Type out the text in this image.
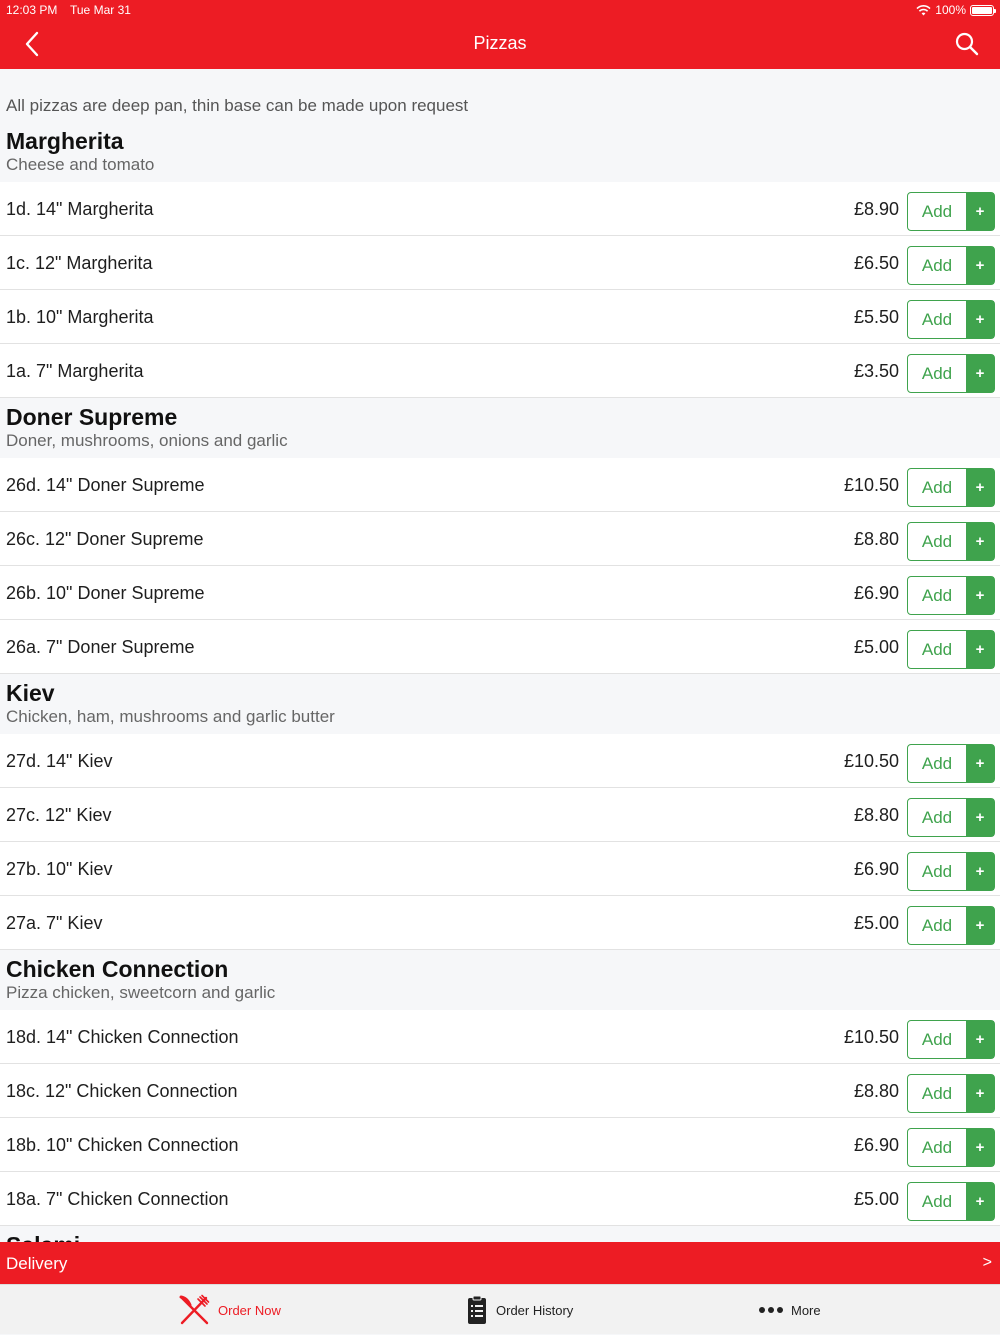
12:03 PM Tue Mar 31	100%
Pizzas
All pizzas are deep pan, thin base can be made upon request
Margherita
Cheese and tomato
1d. 14" Margherita	£8.90	Add	+
1c. 12" Margherita	£6.50	Add	+
1b. 10" Margherita	£5.50	Add	+
1a. 7" Margherita	£3.50	Add	+
Doner Supreme
Doner, mushrooms, onions and garlic
26d. 14" Doner Supreme	£10.50	Add	+
26c. 12" Doner Supreme	£8.80	Add	+
26b. 10" Doner Supreme	£6.90	Add	+
26a. 7" Doner Supreme	£5.00	Add	+
Kiev
Chicken, ham, mushrooms and garlic butter
27d. 14" Kiev	£10.50	Add	+
27c. 12" Kiev	£8.80	Add	+
27b. 10" Kiev	£6.90	Add	+
27a. 7" Kiev	£5.00	Add	+
Chicken Connection
Pizza chicken, sweetcorn and garlic
18d. 14" Chicken Connection	£10.50	Add	+
18c. 12" Chicken Connection	£8.80	Add	+
18b. 10" Chicken Connection	£6.90	Add	+
18a. 7" Chicken Connection	£5.00	Add	+
Delivery	>
Order Now	Order History	More
